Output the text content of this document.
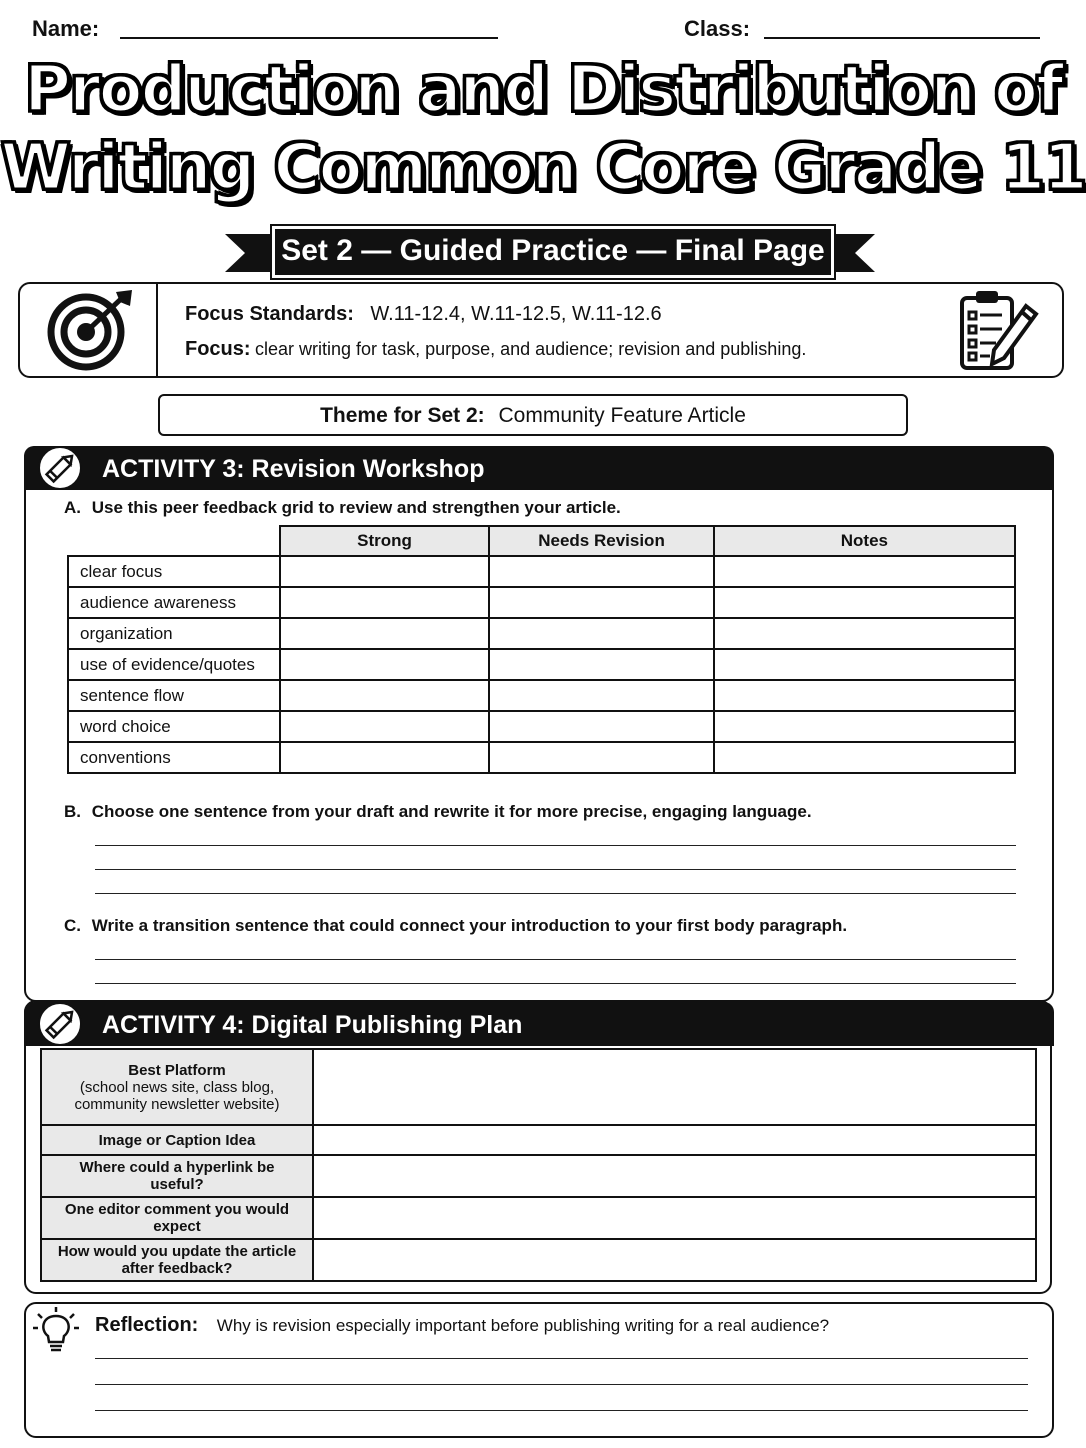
Name:	Class:
Production and Distribution of
Writing Common Core Grade 11
Set 2 — Guided Practice — Final Page
Focus Standards: W.11-12.4, W.11-12.5, W.11-12.6
Focus: clear writing for task, purpose, and audience; revision and publishing.
Theme for Set 2: Community Feature Article
ACTIVITY 3: Revision Workshop
A. Use this peer feedback grid to review and strengthen your article.
	Strong	Needs Revision	Notes
clear focus			
audience awareness			
organization			
use of evidence/quotes			
sentence flow			
word choice			
conventions			
B. Choose one sentence from your draft and rewrite it for more precise, engaging language.
C. Write a transition sentence that could connect your introduction to your first body paragraph.
ACTIVITY 4: Digital Publishing Plan
Best Platform
(school news site, class blog, community newsletter website)	

Image or Caption Idea	
Where could a hyperlink be useful?	
One editor comment you would expect	
How would you update the article after feedback?	
Reflection: Why is revision especially important before publishing writing for a real audience?
